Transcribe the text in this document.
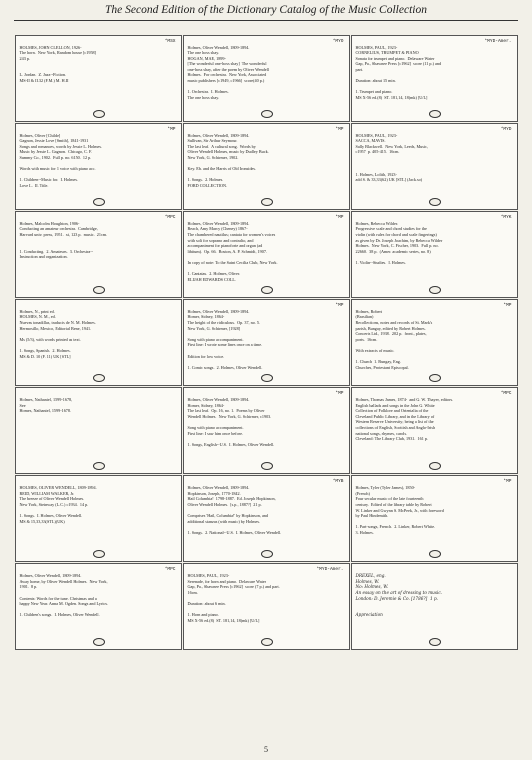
The Second Edition of the Dictionary Catalog of the Music Collection
*MSX
HOLMES, JOHN CLELLON, 1926-
The horn.  New York, Random house [c1958]
243 p.

L. Jordan.  Z. Jazz--Fiction.
MS-II & II.32 (F.M.) M. H.II
*MYO
Holmes, Oliver Wendell, 1809-1894.
The one hoss shay.
HOGAN, MAE, 1899-
[The wonderful one-hoss shay]  The wonderful
one-hoss shay, after the poem by Oliver Wendell
Holmes.  For orchestra.  New York, Associated
music publishers [c1949, c1966]  score(40 p.)

1. Orchestra.  I. Holmes.
The one hoss shay.
*MYD-Amer.
HOLMES, PAUL, 1923-
CORNELIUS, TRUMPET & PIANO
Sonata for trumpet and piano.  Delaware Water
Gap, Pa., Shawnee Press [c1962]  score (11 p.) and
part.

Duration: about 15 min.

1. Trumpet and piano.
MS X-56 ed.(8)  ST. 181,14, 18(mk) [U/L]
*MP
Holmes, Oliver [Childe]
Gagnon, Jessie Love [Smith], 1841-1931
Songs and romances, words by Jessie L. Holmes.
Music by Jessie L. Gagnon.  Chicago, C. F.
Summy Co., 1902.  Full p. no. 6150.  12 p.

Words with music for 1 voice with piano acc.

1. Children--Music for.  I. Holmes.
Love L.  II. Title.
*MP
Holmes, Oliver Wendell, 1809-1894.
Sullivan, Sir Arthur Seymour.
The last leaf.  A cultural song.  Words by
Oliver Wendell Holmes, music by Dudley Buck.
New York, G. Schirmer, 1902.

Key. Eb. and the Harris of Old Ironsides.

1. Songs.  2. Holmes.
FORD COLLECTION.
*MYD
HOLMES, PAUL, 1923-
SACCA, MAVIS.
Sally Blackwell.  New York, Leeds, Music,
c1957  p. 405-415.  16cm.

1. Holmes, Lolith, 1923-
add S. & 33,33(62) UK [STL] (Jack.so)
*MPC
Holmes, Malcolm Houghton, 1906-
Conducting an amateur orchestra.  Cambridge,
Harvard univ. press, 1951.  xi, 123 p.  music.  21cm.

1. Conducting.  2. Amateurs.  3. Orchestra--
Instruction and organization.
*MP
Holmes, Oliver Wendell, 1809-1894.
Beach, Amy Marcy (Cheney) 1867-
The chambered nautilus; cantata for women's voices
with soli for soprano and contralto, and
accompaniment for pianoforte and organ (ad
libitum).  Op. 66.  Boston, A. P. Schmidt, 1907.

In copy of note: To the Saint Cecilia Club, New York.

1. Cantatas.  2. Holmes, Oliver.
ELIJAH EDWARDS COLL.
*MYK
Holmes, Rebecca Wilder.
Progressive scale and chord studies for the
violin (with rules for chord and scale fingerings)
as given by Dr. Joseph Joachim, by Rebecca Wilder
Holmes.  New York, C. Fischer, 1903.  Full p. no.
22660.  38 p.  (Amer. academic series, no. 8)

1. Violin--Studies.  I. Holmes.
Holmes, N., print ed.
HOLMES, N. M., ed.
Nuevas tonadillas, traducis de N. M. Holmes.
Hermosillo, Mexico, Editorial Bene, 1941.

Ms (5/3), with words printed as text.

1. Songs, Spanish.  2. Holmes.
MS & D. 10 (F. 11) UK [STL]
*MP
Holmes, Oliver Wendell, 1809-1894.
Homer, Sidney, 1864-
The height of the ridiculous.  Op. 37, no. 5.
New York, G. Schirmer, [1928]

Song with piano accompaniment.
First line: I wrote some lines once on a time.

Edition for low voice.

1. Comic songs.  2. Holmes, Oliver Wendell.
*MP
Holmes, Robert
(Brasilian)
Recollections, notes and records of St. Mark's
parish, Bungay, edited by Robert Holmes.
Concerts Ltd., 1938.  202 p.  front., plates,
ports.  16cm.

With extracts of music.

1. Church  1. Bungay, Eng.
Churches, Protestant Episcopal.
Holmes, Nathaniel, 1599-1678,
See
Homes, Nathaniel, 1599-1678.
*MP
Holmes, Oliver Wendell, 1809-1894.
Homer, Sidney, 1864-
The last leaf.  Op. 16, no. 1.  Poems by Oliver
Wendell Holmes.  New York, G. Schirmer, c1903.

Song with piano accompaniment.
First line: I saw him once before.

1. Songs, English--U.S.  I. Holmes, Oliver Wendell.
*MPC
Holmes, Thomas James, 1874-  and G. W. Thayer, editors.
English ballads and songs in the John G. White
Collection of Folklore and Orientalia of the
Cleveland Public Library, and in the Library of
Western Reserve University; being a list of the
collections of English, Scottish and Anglo-Irish
national songs, rhymes, carols.
Cleveland: The Library Club, 1931.  161 p.
HOLMES, OLIVER WENDELL, 1809-1894.
REID, WILLIAM WALKER, Jr.
The breeze of Oliver Wendell Holmes.
New York, Steinway (L.C.) c1934.  14 p.

1. Songs.  I. Holmes, Oliver Wendell.
MS & 15,33,33(STL)(UK)
*MYB
Holmes, Oliver Wendell, 1809-1894.
Hopkinson, Joseph, 1770-1842.
Hail Columbia!  1798-1887.  Ed. Joseph Hopkinson,
Oliver Wendell Holmes.  [s.p., 1887?]  21 p.

Comprises 'Hail, Columbia!' by Hopkinson, and
additional stanzas (with music) by Holmes.

1. Songs.  2. National--U.S.  I. Holmes, Oliver Wendell.
*MP
Holmes, Tyler (Tyler James), 1850-
(French)
Four secular music of the late fourteenth
century.  Edited of the library table by Robert
W. Linker and Gwynn S. McPeek, Jr., with foreword
by Paul Hindemith.

1. Part-songs, French.  2. Linker, Robert White.
3. Holmes.
*MPC
Holmes, Oliver Wendell, 1809-1894.
Away home, by Oliver Wendell Holmes.  New York,
1901.  8 p.

Contents: Words for the tune. Christmas and a
happy New Year. Anna M. Ogden. Songs and Lyrics.

1. Children's songs.  I. Holmes, Oliver Wendell.
*MYD-Amer.
HOLMES, PAUL, 1923-
Serenade, for horn and piano.  Delaware Water
Gap, Pa., Shawnee Press [c1962]  score (7 p.) and part.
16cm.

Duration: about 6 min.

1. Horn and piano.
MS X-56 ed.(8)  ST. 181,14, 18(mk) [U/L]
DREXEL, eng.
Holmes, W.
No: Holmes, W.
An essay on the art of dressing to music.
London: D. Jeremie & Co. [1786?]  1 p.

Appreciation
5
